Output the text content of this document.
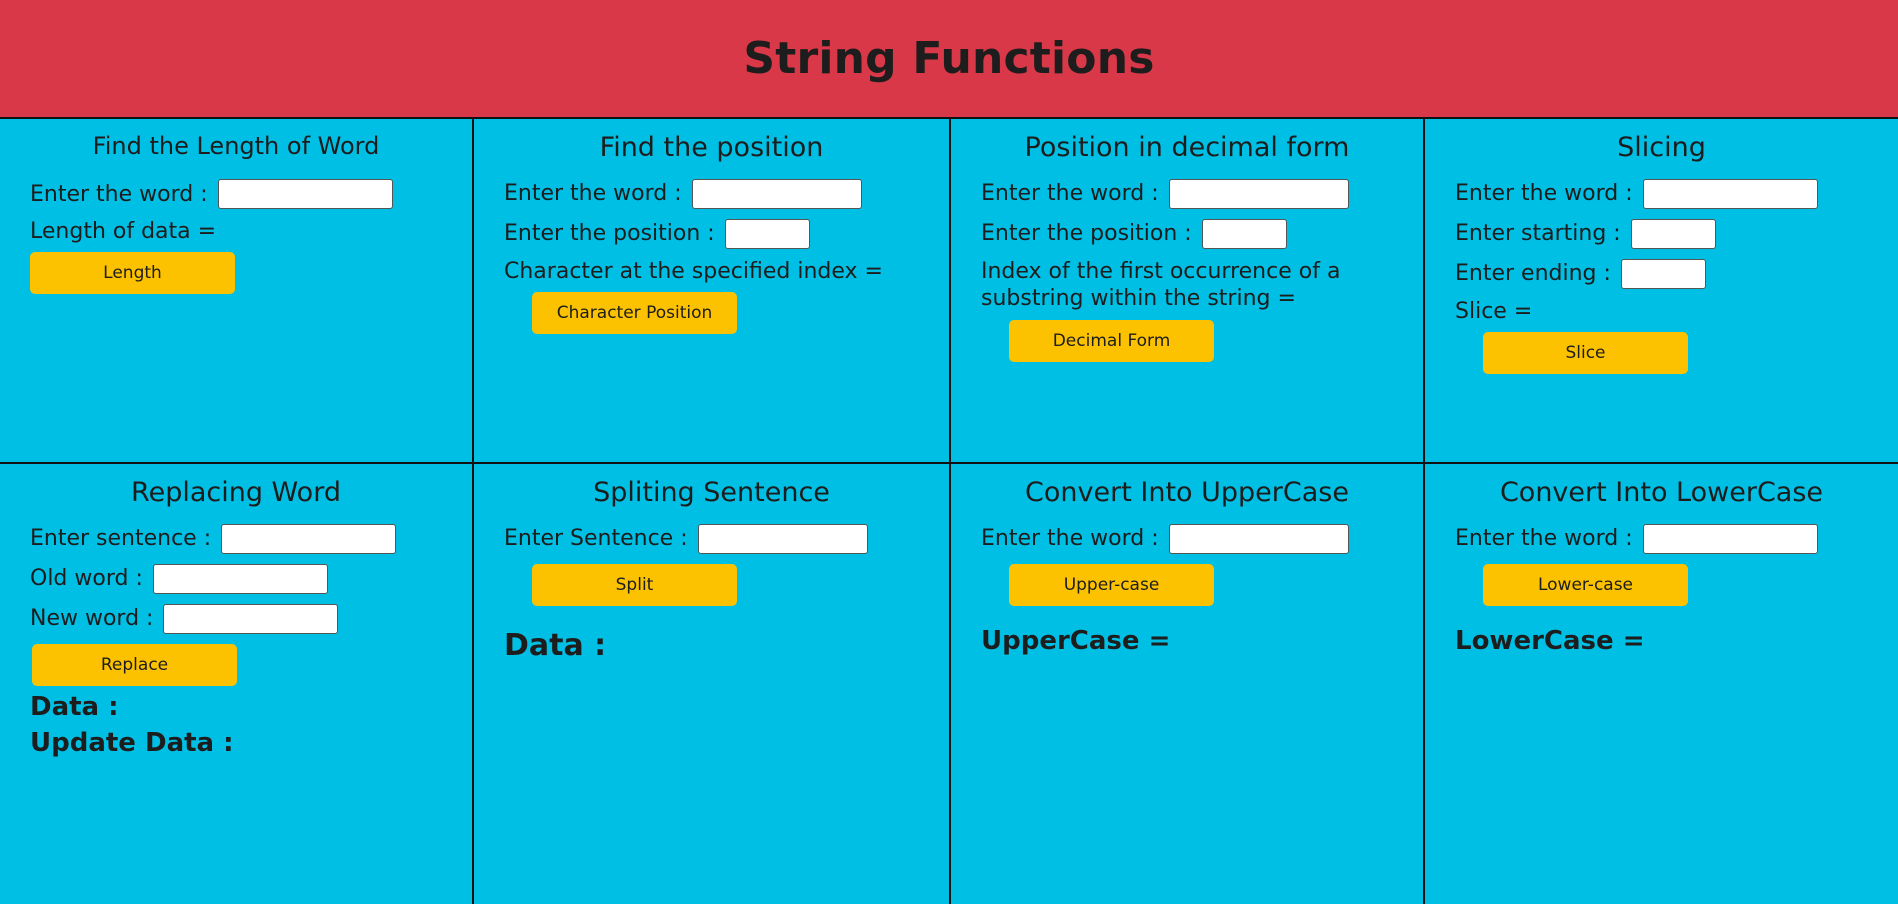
String Functions
Find the Length of Word
Enter the word :
Length of data =
Length
Find the position
Enter the word :
Enter the position :
Character at the specified index =
Character Position
Position in decimal form
Enter the word :
Enter the position :
Index of the first occurrence of a substring within the string =
Decimal Form
Slicing
Enter the word :
Enter starting :
Enter ending :
Slice =
Slice
Replacing Word
Enter sentence :
Old word :
New word :
Replace
Data :
Update Data :
Spliting Sentence
Enter Sentence :
Split
Data :
Convert Into UpperCase
Enter the word :
Upper-case
UpperCase =
Convert Into LowerCase
Enter the word :
Lower-case
LowerCase =
